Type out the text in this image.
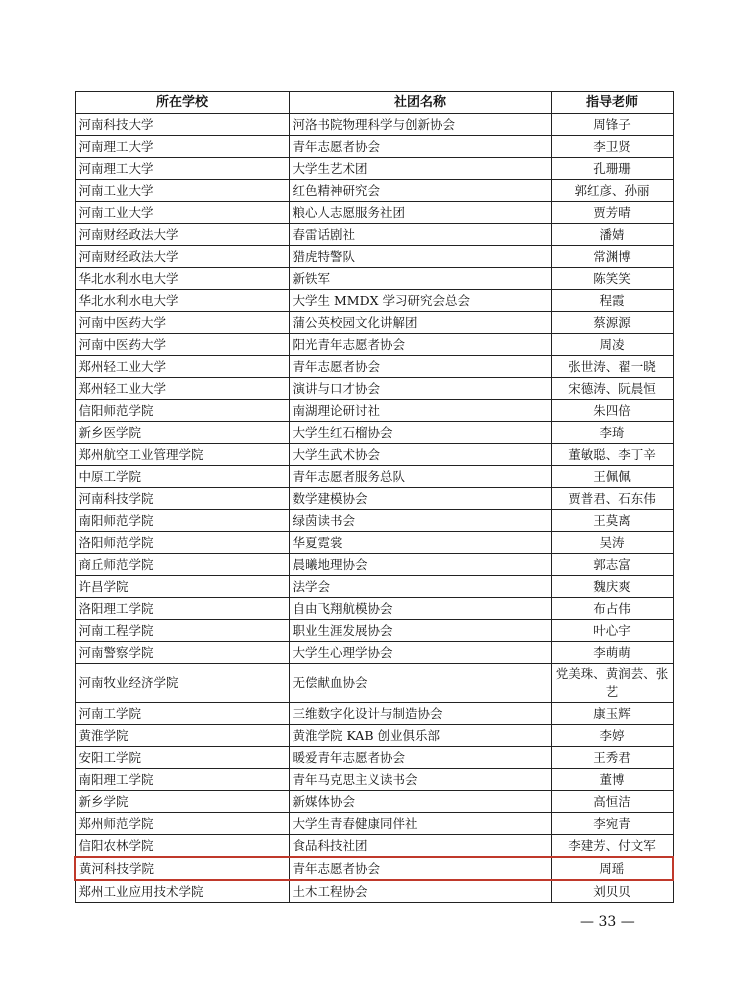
所在学校	社团名称	指导老师
河南科技大学	河洛书院物理科学与创新协会	周锋子
河南理工大学	青年志愿者协会	李卫贤
河南理工大学	大学生艺术团	孔珊珊
河南工业大学	红色精神研究会	郭红彦、孙丽
河南工业大学	粮心人志愿服务社团	贾芳晴
河南财经政法大学	春雷话剧社	潘婧
河南财经政法大学	猎虎特警队	常渊博
华北水利水电大学	新铁军	陈笑笑
华北水利水电大学	大学生 MMDX 学习研究会总会	程霞
河南中医药大学	蒲公英校园文化讲解团	蔡源源
河南中医药大学	阳光青年志愿者协会	周凌
郑州轻工业大学	青年志愿者协会	张世涛、翟一晓
郑州轻工业大学	演讲与口才协会	宋德涛、阮晨恒
信阳师范学院	南湖理论研讨社	朱四倍
新乡医学院	大学生红石榴协会	李琦
郑州航空工业管理学院	大学生武术协会	董敏聪、李丁辛
中原工学院	青年志愿者服务总队	王佩佩
河南科技学院	数学建模协会	贾普君、石东伟
南阳师范学院	绿茵读书会	王莫离
洛阳师范学院	华夏霓裳	吴涛
商丘师范学院	晨曦地理协会	郭志富
许昌学院	法学会	魏庆爽
洛阳理工学院	自由飞翔航模协会	布占伟
河南工程学院	职业生涯发展协会	叶心宇
河南警察学院	大学生心理学协会	李萌萌
河南牧业经济学院	无偿献血协会	党美珠、黄润芸、张艺
河南工学院	三维数字化设计与制造协会	康玉辉
黄淮学院	黄淮学院 KAB 创业俱乐部	李婷
安阳工学院	暖爱青年志愿者协会	王秀君
南阳理工学院	青年马克思主义读书会	董博
新乡学院	新媒体协会	高恒洁
郑州师范学院	大学生青春健康同伴社	李宛青
信阳农林学院	食品科技社团	李建芳、付文军
黄河科技学院	青年志愿者协会	周瑶
郑州工业应用技术学院	土木工程协会	刘贝贝
— 33 —
